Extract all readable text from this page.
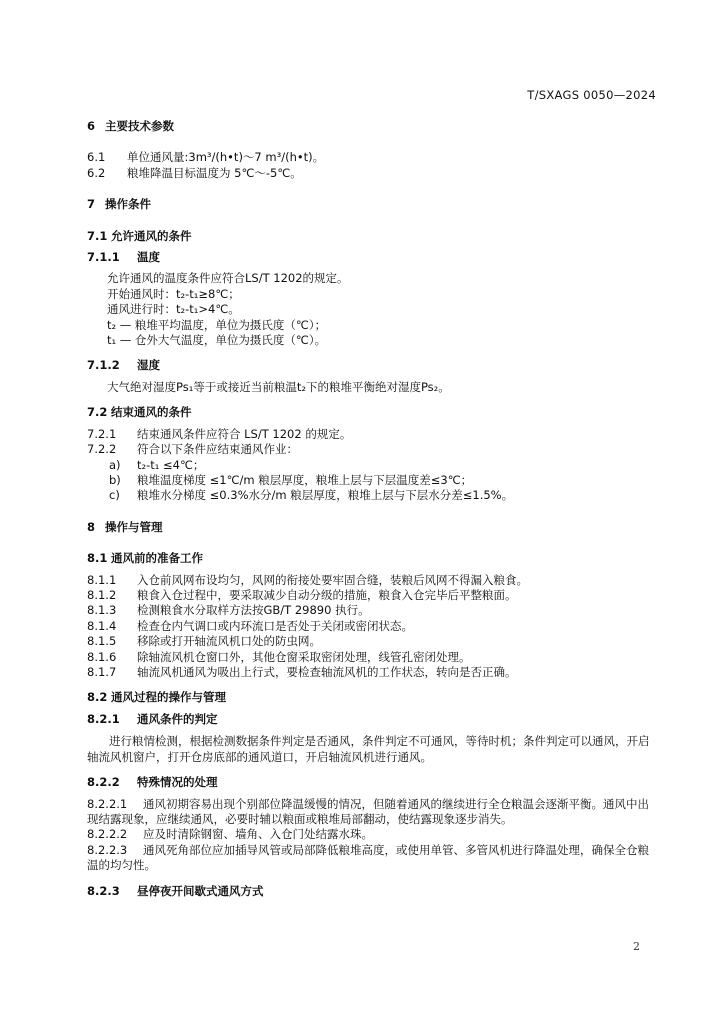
T/SXAGS 0050—2024
6 主要技术参数
6.1 单位通风量:3m³/(h•t)～7 m³/(h•t)。
6.2 粮堆降温目标温度为 5℃～-5℃。
7 操作条件
7.1 允许通风的条件
7.1.1 温度
允许通风的温度条件应符合LS/T 1202的规定。
开始通风时：t₂-t₁≥8℃；
通风进行时：t₂-t₁>4℃。
t₂ — 粮堆平均温度，单位为摄氏度（℃）；
t₁ — 仓外大气温度，单位为摄氏度（℃）。
7.1.2 湿度
大气绝对湿度Ps₁等于或接近当前粮温t₂下的粮堆平衡绝对湿度Ps₂。
7.2 结束通风的条件
7.2.1 结束通风条件应符合 LS/T 1202 的规定。
7.2.2 符合以下条件应结束通风作业：
a) t₂-t₁ ≤4℃；
b) 粮堆温度梯度 ≤1℃/m 粮层厚度，粮堆上层与下层温度差≤3℃；
c) 粮堆水分梯度 ≤0.3%水分/m 粮层厚度，粮堆上层与下层水分差≤1.5%。
8 操作与管理
8.1 通风前的准备工作
8.1.1 入仓前风网布设均匀，风网的衔接处要牢固合缝，装粮后风网不得漏入粮食。
8.1.2 粮食入仓过程中，要采取减少自动分级的措施，粮食入仓完毕后平整粮面。
8.1.3 检测粮食水分取样方法按GB/T 29890 执行。
8.1.4 检查仓内气调口或内环流口是否处于关闭或密闭状态。
8.1.5 移除或打开轴流风机口处的防虫网。
8.1.6 除轴流风机仓窗口外，其他仓窗采取密闭处理，线管孔密闭处理。
8.1.7 轴流风机通风为吸出上行式，要检查轴流风机的工作状态，转向是否正确。
8.2 通风过程的操作与管理
8.2.1 通风条件的判定
进行粮情检测，根据检测数据条件判定是否通风，条件判定不可通风，等待时机；条件判定可以通风，开启轴流风机窗户，打开仓房底部的通风道口，开启轴流风机进行通风。
8.2.2 特殊情况的处理
8.2.2.1 通风初期容易出现个别部位降温缓慢的情况，但随着通风的继续进行全仓粮温会逐渐平衡。通风中出现结露现象，应继续通风，必要时辅以粮面或粮堆局部翻动，使结露现象逐步消失。
8.2.2.2 应及时清除钢窗、墙角、入仓门处结露水珠。
8.2.2.3 通风死角部位应加插导风管或局部降低粮堆高度，或使用单管、多管风机进行降温处理，确保全仓粮温的均匀性。
8.2.3 昼停夜开间歇式通风方式
2
